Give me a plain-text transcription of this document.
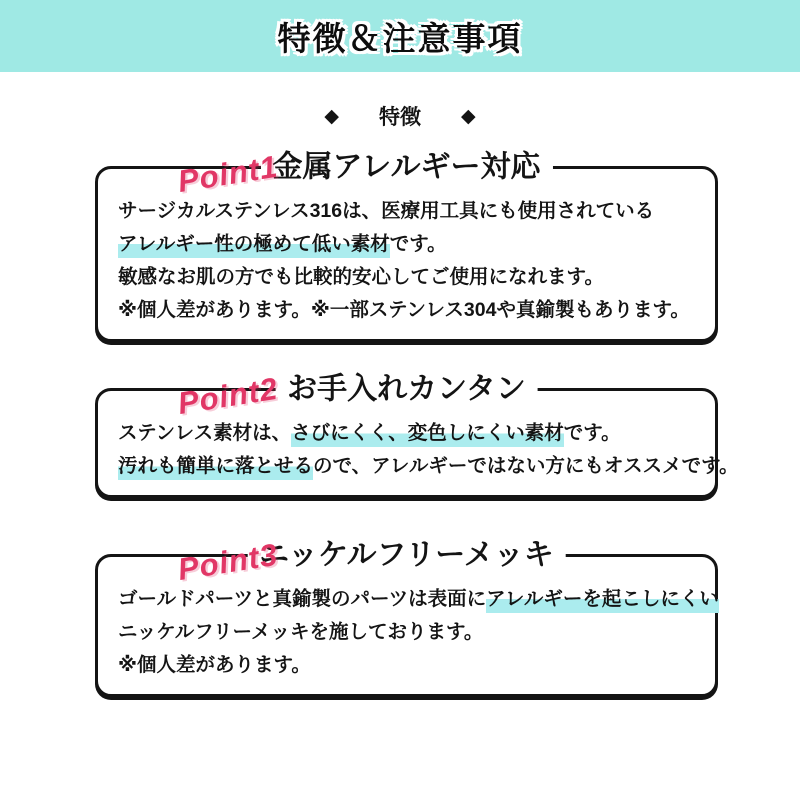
特徴＆注意事項
◆ 特徴 ◆
Point1
金属アレルギー対応

サージカルステンレス316は、医療用工具にも使用されている

アレルギー性の極めて低い素材です。

敏感なお肌の方でも比較的安心してご使用になれます。

※個人差があります。※一部ステンレス304や真鍮製もあります。

Point2 お手入れカンタン

ステンレス素材は、さびにくく、変色しにくい素材です。

汚れも簡単に落とせるので、アレルギーではない方にもオススメです。

Point3
ニッケルフリーメッキ

ゴールドパーツと真鍮製のパーツは表面にアレルギーを起こしにくい

ニッケルフリーメッキを施しております。

※個人差があります。
